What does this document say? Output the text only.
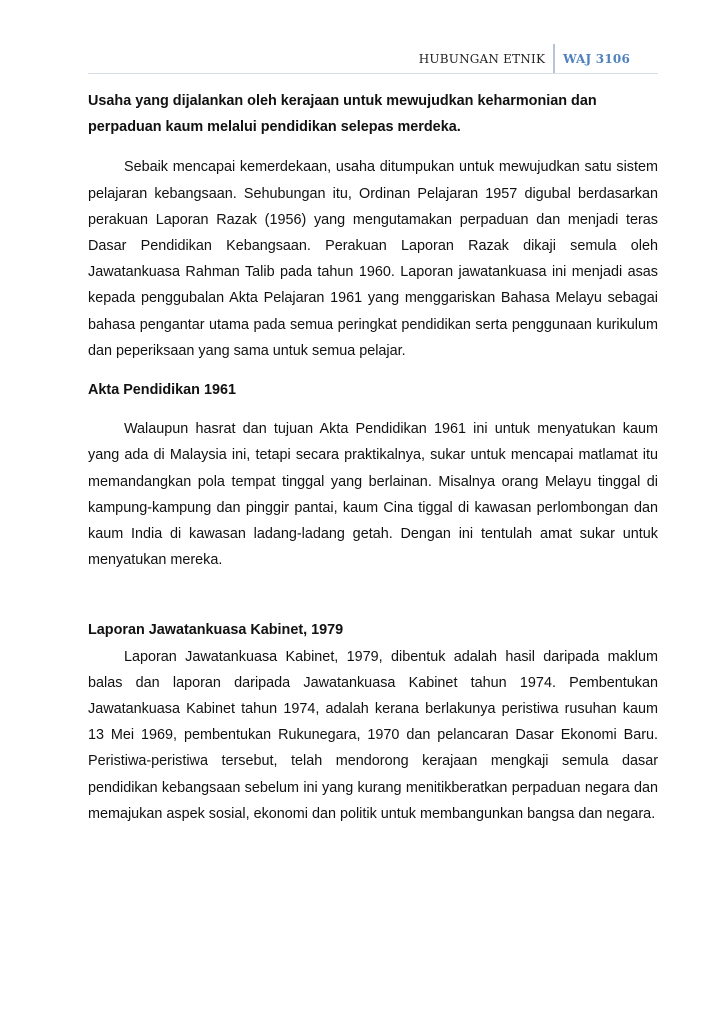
HUBUNGAN ETNIK	WAJ 3106

Usaha yang dijalankan oleh kerajaan untuk mewujudkan keharmonian dan perpaduan kaum melalui pendidikan selepas merdeka.

Sebaik mencapai kemerdekaan, usaha ditumpukan untuk mewujudkan satu sistem pelajaran kebangsaan. Sehubungan itu, Ordinan Pelajaran 1957 digubal berdasarkan perakuan Laporan Razak (1956) yang mengutamakan perpaduan dan menjadi teras Dasar Pendidikan Kebangsaan. Perakuan Laporan Razak dikaji semula oleh Jawatankuasa Rahman Talib pada tahun 1960. Laporan jawatankuasa ini menjadi asas kepada penggubalan Akta Pelajaran 1961 yang menggariskan Bahasa Melayu sebagai bahasa pengantar utama pada semua peringkat pendidikan serta penggunaan kurikulum dan peperiksaan yang sama untuk semua pelajar.

Akta Pendidikan 1961

Walaupun hasrat dan tujuan Akta Pendidikan 1961 ini untuk menyatukan kaum yang ada di Malaysia ini, tetapi secara praktikalnya, sukar untuk mencapai matlamat itu memandangkan pola tempat tinggal yang berlainan. Misalnya orang Melayu tinggal di kampung-kampung dan pinggir pantai, kaum Cina tiggal di kawasan perlombongan dan kaum India di kawasan ladang-ladang getah. Dengan ini tentulah amat sukar untuk menyatukan mereka.

Laporan Jawatankuasa Kabinet, 1979

Laporan Jawatankuasa Kabinet, 1979, dibentuk adalah hasil daripada maklum balas dan laporan daripada Jawatankuasa Kabinet tahun 1974. Pembentukan Jawatankuasa Kabinet tahun 1974, adalah kerana berlakunya peristiwa rusuhan kaum 13 Mei 1969, pembentukan Rukunegara, 1970 dan pelancaran Dasar Ekonomi Baru. Peristiwa-peristiwa tersebut, telah mendorong kerajaan mengkaji semula dasar pendidikan kebangsaan sebelum ini yang kurang menitikberatkan perpaduan negara dan memajukan aspek sosial, ekonomi dan politik untuk membangunkan bangsa dan negara.
